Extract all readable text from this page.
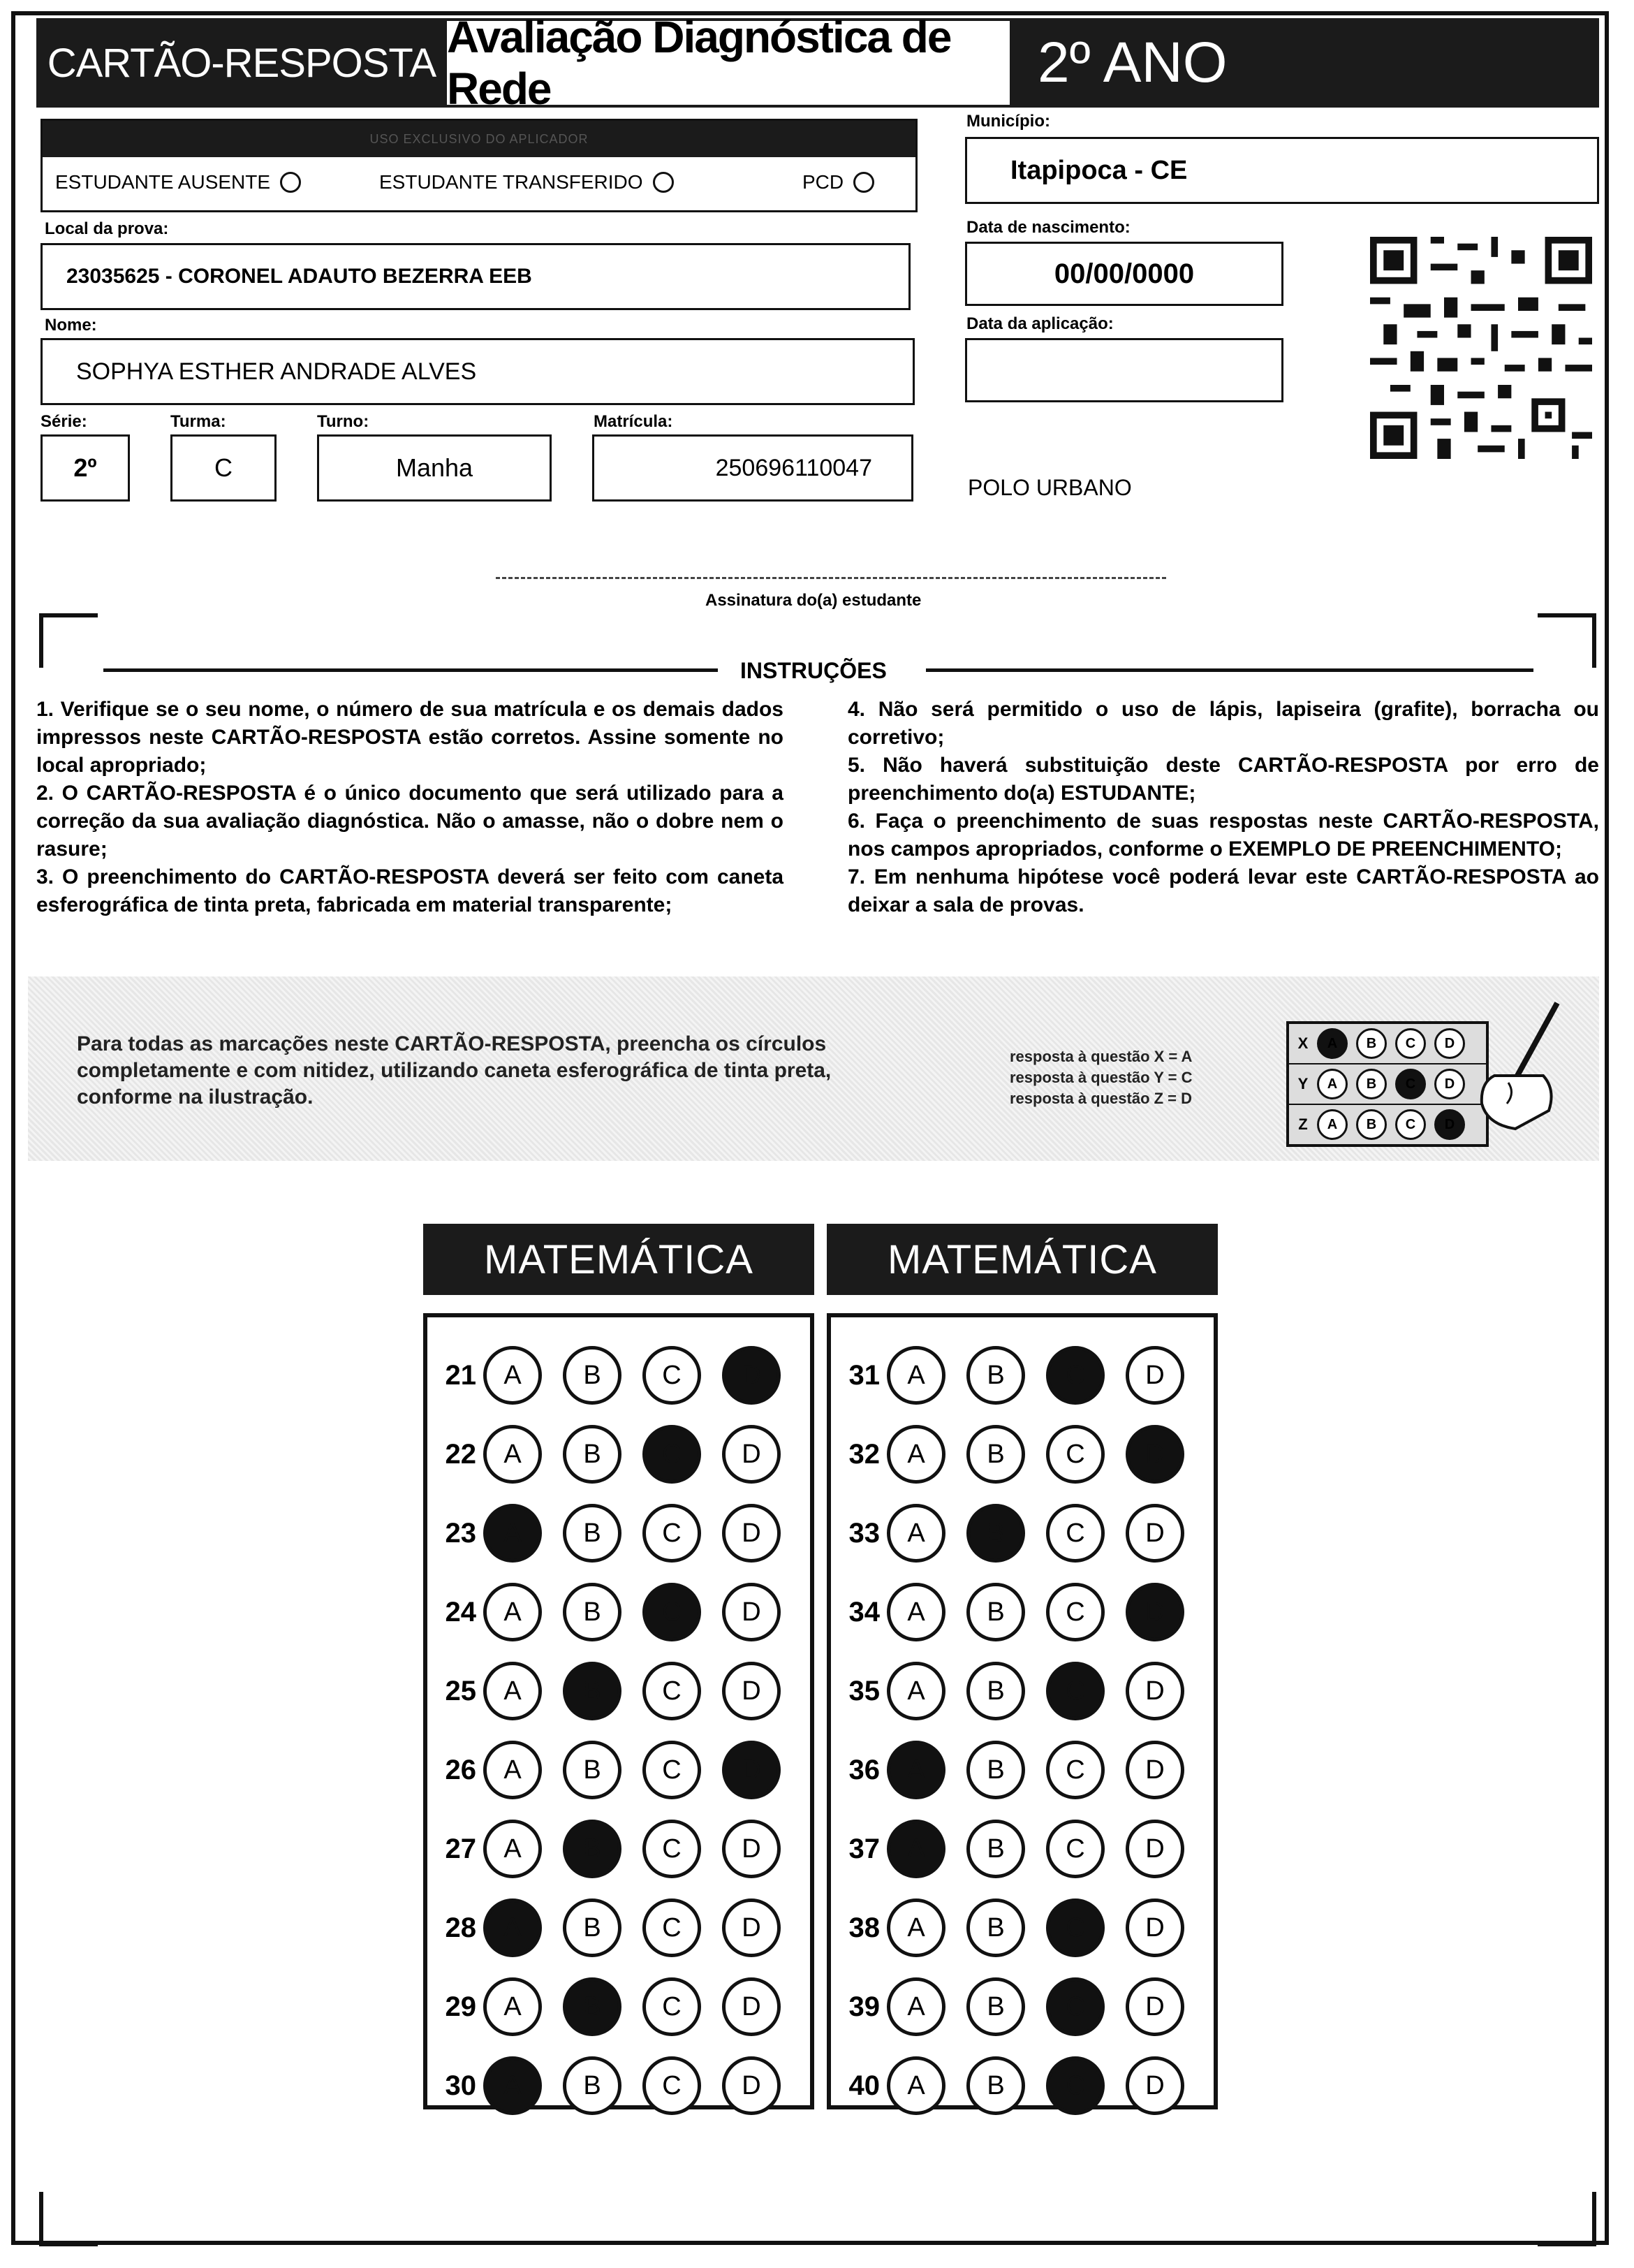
CARTÃO-RESPOSTA
Avaliação Diagnóstica de Rede	2º ANO
USO EXCLUSIVO DO APLICADOR
ESTUDANTE AUSENTE	ESTUDANTE TRANSFERIDO	PCD
Local da prova:
23035625 - CORONEL ADAUTO BEZERRA EEB
Nome:
SOPHYA ESTHER ANDRADE ALVES
Série:
2º
Turma:
C
Turno:
Manha
Matrícula:
250696110047
Município:
Itapipoca - CE
Data de nascimento:
00/00/0000
Data da aplicação:
POLO URBANO
Assinatura do(a) estudante
INSTRUÇÕES

1. Verifique se o seu nome, o número de sua matrícula e os demais dados impressos neste CARTÃO-RESPOSTA estão corretos. Assine somente no local apropriado;

2. O CARTÃO-RESPOSTA é o único documento que será utilizado para a correção da sua avaliação diagnóstica. Não o amasse, não o dobre nem o rasure;

3. O preenchimento do CARTÃO-RESPOSTA deverá ser feito com caneta esferográfica de tinta preta, fabricada em material transparente;

4. Não será permitido o uso de lápis, lapiseira (grafite), borracha ou corretivo;

5. Não haverá substituição deste CARTÃO-RESPOSTA por erro de preenchimento do(a) ESTUDANTE;

6. Faça o preenchimento de suas respostas neste CARTÃO-RESPOSTA, nos campos apropriados, conforme o EXEMPLO DE PREENCHIMENTO;

7. Em nenhuma hipótese você poderá levar este CARTÃO-RESPOSTA ao deixar a sala de provas.

Para todas as marcações neste CARTÃO-RESPOSTA, preencha os círculos completamente e com nitidez, utilizando caneta esferográfica de tinta preta, conforme na ilustração.
resposta à questão X = A
resposta à questão Y = C
resposta à questão Z = D
X	A	B	C	D
Y	A	B	C	D
Z	A	B	C	D
MATEMÁTICA	MATEMÁTICA
21	A	B	C	D
22	A	B	C	D
23	A	B	C	D
24	A	B	C	D
25	A	B	C	D
26	A	B	C	D
27	A	B	C	D
28	A	B	C	D
29	A	B	C	D
30	A	B	C	D
31	A	B	C	D
32	A	B	C	D
33	A	B	C	D
34	A	B	C	D
35	A	B	C	D
36	A	B	C	D
37	A	B	C	D
38	A	B	C	D
39	A	B	C	D
40	A	B	C	D
